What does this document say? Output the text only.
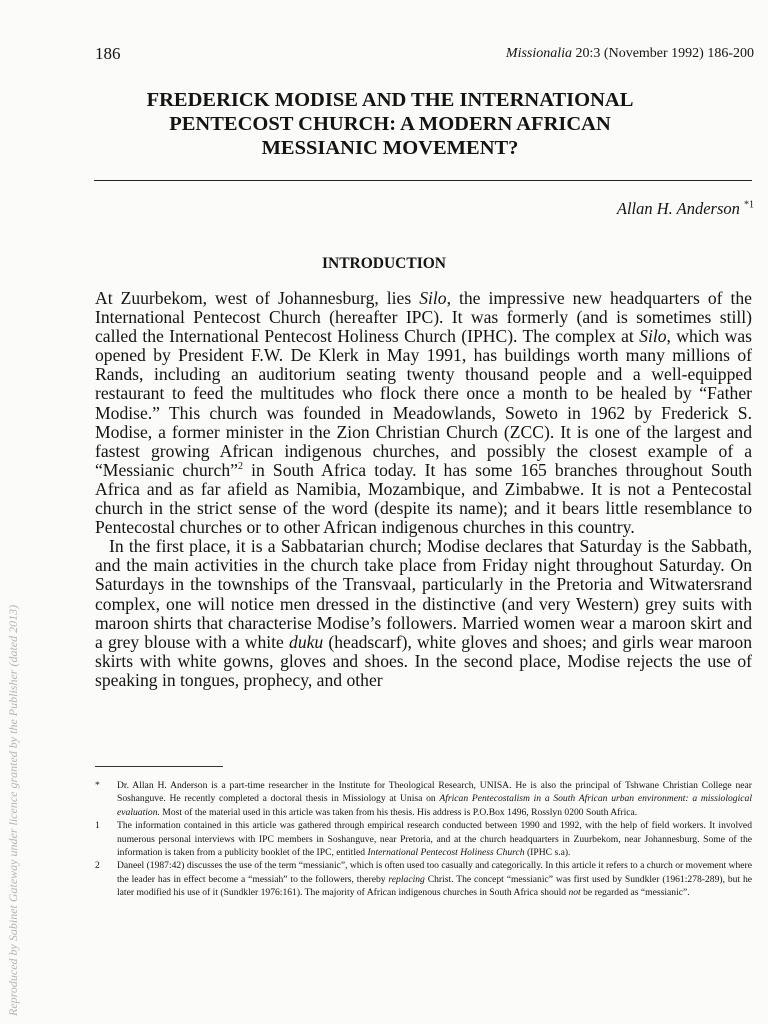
186	Missionalia 20:3 (November 1992) 186-200
FREDERICK MODISE AND THE INTERNATIONAL
PENTECOST CHURCH: A MODERN AFRICAN
MESSIANIC MOVEMENT?
Allan H. Anderson $^{*1}$
INTRODUCTION

At Zuurbekom, west of Johannesburg, lies Silo, the impressive new headquarters of the International Pentecost Church (hereafter IPC). It was formerly (and is sometimes still) called the International Pentecost Holiness Church (IPHC). The complex at Silo, which was opened by President F.W. De Klerk in May 1991, has buildings worth many millions of Rands, including an auditorium seating twenty thousand people and a well-equipped restaurant to feed the multitudes who flock there once a month to be healed by “Father Modise.” This church was founded in Meadowlands, Soweto in 1962 by Frederick S. Modise, a former minister in the Zion Christian Church (ZCC). It is one of the largest and fastest growing African indigenous churches, and possibly the closest example of a “Messianic church”$^2$ in South Africa today. It has some 165 branches throughout South Africa and as far afield as Namibia, Mozambique, and Zimbabwe. It is not a Pentecostal church in the strict sense of the word (despite its name); and it bears little resemblance to Pentecostal churches or to other African indigenous churches in this country.

In the first place, it is a Sabbatarian church; Modise declares that Saturday is the Sabbath, and the main activities in the church take place from Friday night throughout Saturday. On Saturdays in the townships of the Transvaal, particularly in the Pretoria and Witwatersrand complex, one will notice men dressed in the distinctive (and very Western) grey suits with maroon shirts that characterise Modise’s followers. Married women wear a maroon skirt and a grey blouse with a white duku (headscarf), white gloves and shoes; and girls wear maroon skirts with white gowns, gloves and shoes. In the second place, Modise rejects the use of speaking in tongues, prophecy, and other

* Dr. Allan H. Anderson is a part-time researcher in the Institute for Theological Research, UNISA. He is also the principal of Tshwane Christian College near Soshanguve. He recently completed a doctoral thesis in Missiology at Unisa on African Pentecostalism in a South African urban environment: a missiological evaluation. Most of the material used in this article was taken from his thesis. His address is P.O.Box 1496, Rosslyn 0200 South Africa.
1 The information contained in this article was gathered through empirical research conducted between 1990 and 1992, with the help of field workers. It involved numerous personal interviews with IPC members in Soshanguve, near Pretoria, and at the church headquarters in Zuurbekom, near Johannesburg. Some of the information is taken from a publicity booklet of the IPC, entitled International Pentecost Holiness Church (IPHC s.a).
2 Daneel (1987:42) discusses the use of the term “messianic”, which is often used too casually and categorically. In this article it refers to a church or movement where the leader has in effect become a “messiah” to the followers, thereby replacing Christ. The concept “messianic” was first used by Sundkler (1961:278-289), but he later modified his use of it (Sundkler 1976:161). The majority of African indigenous churches in South Africa should not be regarded as “messianic”.
Reproduced by Sabinet Gateway under licence granted by the Publisher (dated 2013)
